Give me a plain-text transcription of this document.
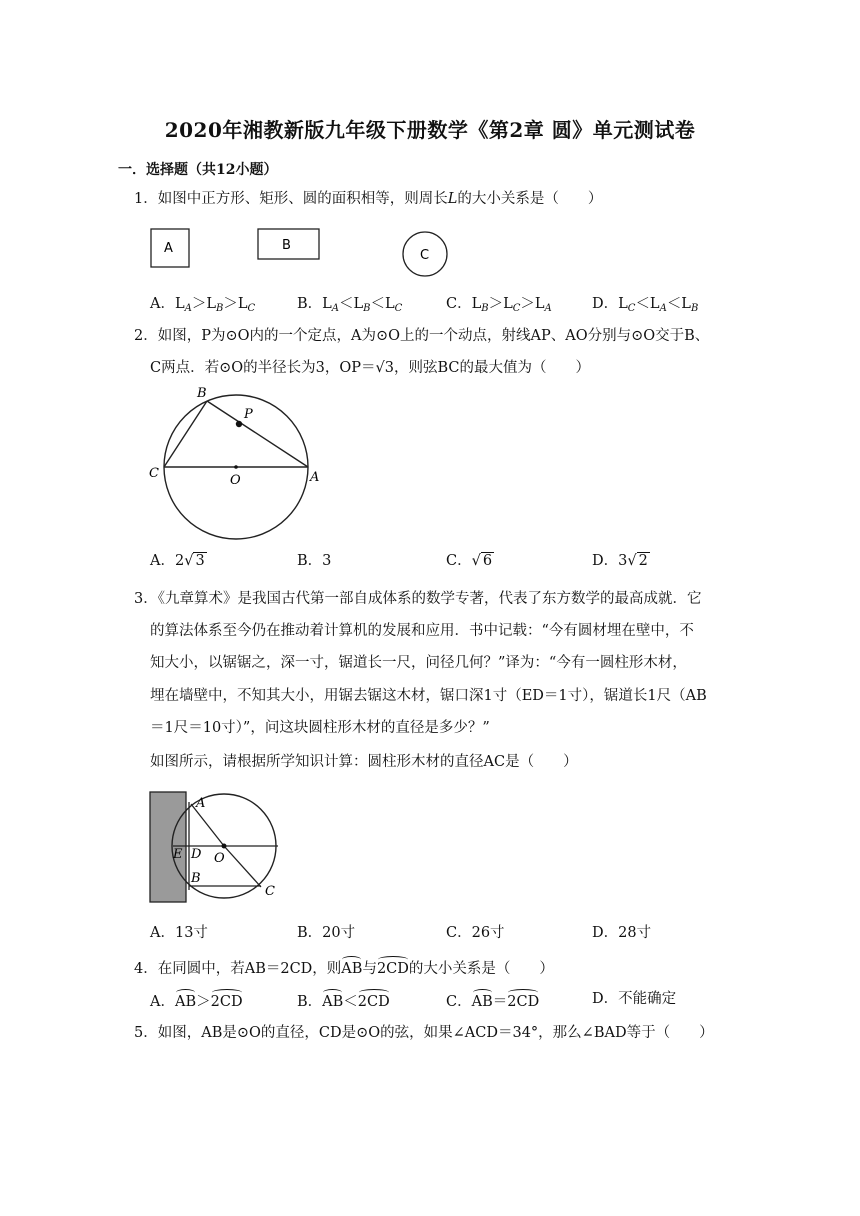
2020年湘教新版九年级下册数学《第2章 圆》单元测试卷
一．选择题（共12小题）
1．如图中正方形、矩形、圆的面积相等，则周长L的大小关系是（　　）
A	B
C
A．$L_A>L_B>L_C$	B．$L_A<L_B<L_C$	C．$L_B>L_C>L_A$	D．$L_C<L_A<L_B$
2．如图，P为⊙O内的一个定点，A为⊙O上的一个动点，射线AP、AO分别与⊙O交于B、
C两点．若⊙O的半径长为3，OP＝√3，则弦BC的最大值为（　　）
B
P
C	O	A
A．2√ 3	B．3	C．√ 6	D．3√ 2
3．《九章算术》是我国古代第一部自成体系的数学专著，代表了东方数学的最高成就．它
的算法体系至今仍在推动着计算机的发展和应用．书中记载：“今有圆材埋在壁中，不
知大小，以锯锯之，深一寸，锯道长一尺，问径几何？”译为：“今有一圆柱形木材，
埋在墙壁中，不知其大小，用锯去锯这木材，锯口深1寸（ED＝1寸），锯道长1尺（AB
＝1尺＝10寸）”，问这块圆柱形木材的直径是多少？”
如图所示，请根据所学知识计算：圆柱形木材的直径AC是（　　）
A
E D O
B
C
A．13寸	B．20寸	C．26寸	D．28寸
4．在同圆中，若AB＝2CD，则AB与2CD的大小关系是（　　）
A．AB＞2CD	B．AB＜2CD	C．AB＝2CD	D．不能确定
5．如图，AB是⊙O的直径，CD是⊙O的弦，如果∠ACD＝34°，那么∠BAD等于（　　）
